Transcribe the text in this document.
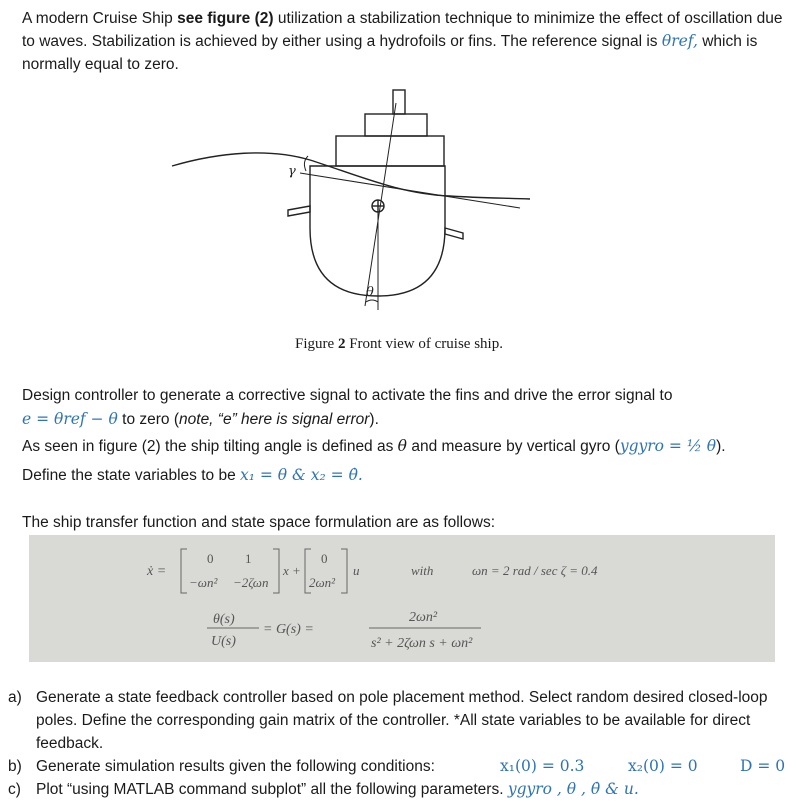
A modern Cruise Ship see figure (2) utilization a stabilization technique to minimize the effect of oscillation due to waves. Stabilization is achieved by either using a hydrofoils or fins. The reference signal is θref, which is normally equal to zero.

γ
θ
Figure 2 Front view of cruise ship.

Design controller to generate a corrective signal to activate the fins and drive the error signal to

e = θref − θ to zero (note, “e” here is signal error).

As seen in figure (2) the ship tilting angle is defined as θ and measure by vertical gyro (ygyro = ½ θ).

Define the state variables to be x₁ = θ & x₂ = θ̇.

The ship transfer function and state space formulation are as follows:

ẋ =
0 1
−ωn² −2ζωn
x +
0
2ωn²
u	with	ωn = 2 rad / sec ζ = 0.4
θ(s)
U(s)
= G(s) =
2ωn²
s² + 2ζωn s + ωn²
a) Generate a state feedback controller based on pole placement method. Select random desired closed-loop poles. Define the corresponding gain matrix of the controller. *All state variables to be available for direct feedback.
b) Generate simulation results given the following conditions:	x₁(0) = 0.3	x₂(0) = 0	D = 0
c) Plot “using MATLAB command subplot” all the following parameters. ygyro , θ , θ̇ & u.
